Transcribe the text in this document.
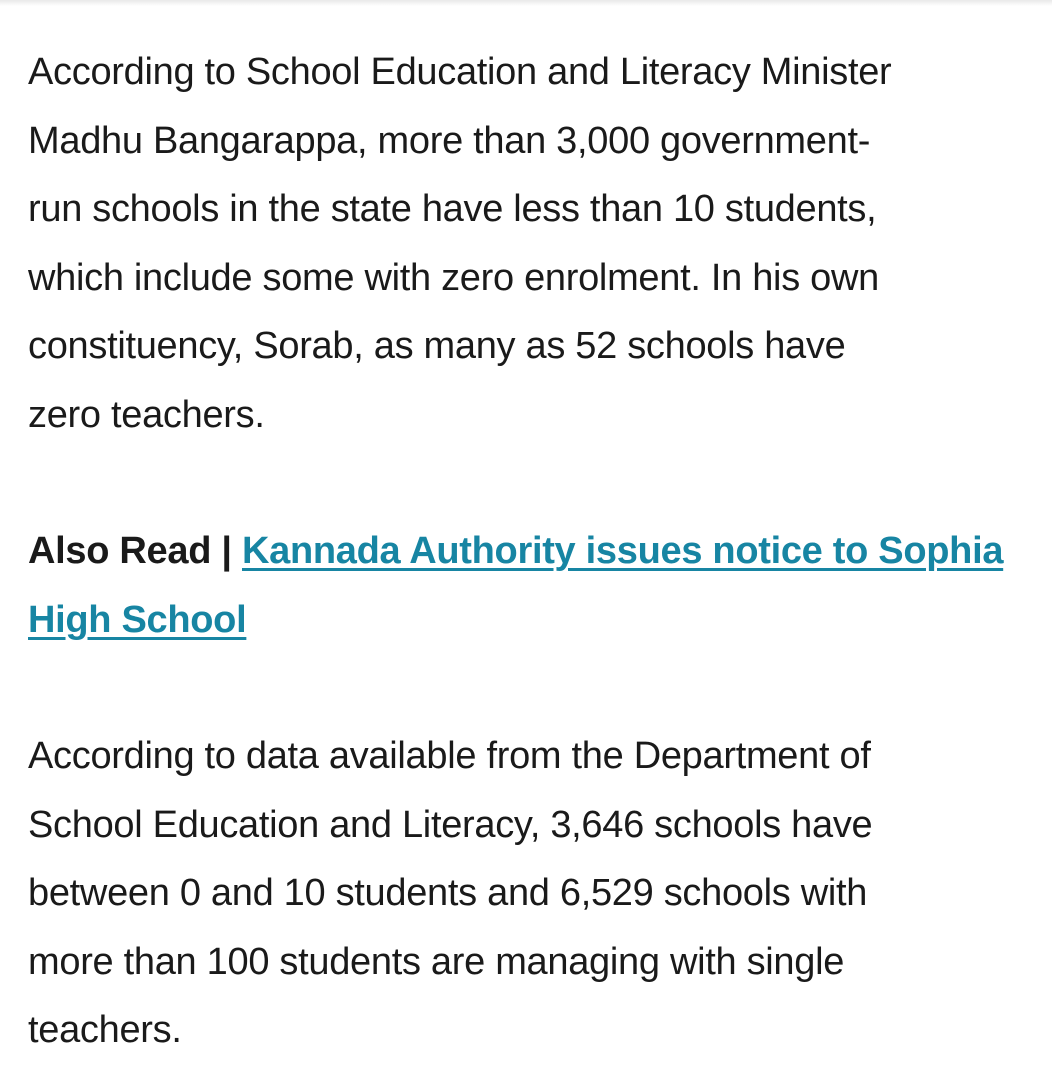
According to School Education and Literacy Minister
Madhu Bangarappa, more than 3,000 government-
run schools in the state have less than 10 students,
which include some with zero enrolment. In his own
constituency, Sorab, as many as 52 schools have
zero teachers.

Also Read | Kannada Authority issues notice to Sophia High School

According to data available from the Department of
School Education and Literacy, 3,646 schools have
between 0 and 10 students and 6,529 schools with
more than 100 students are managing with single
teachers.
